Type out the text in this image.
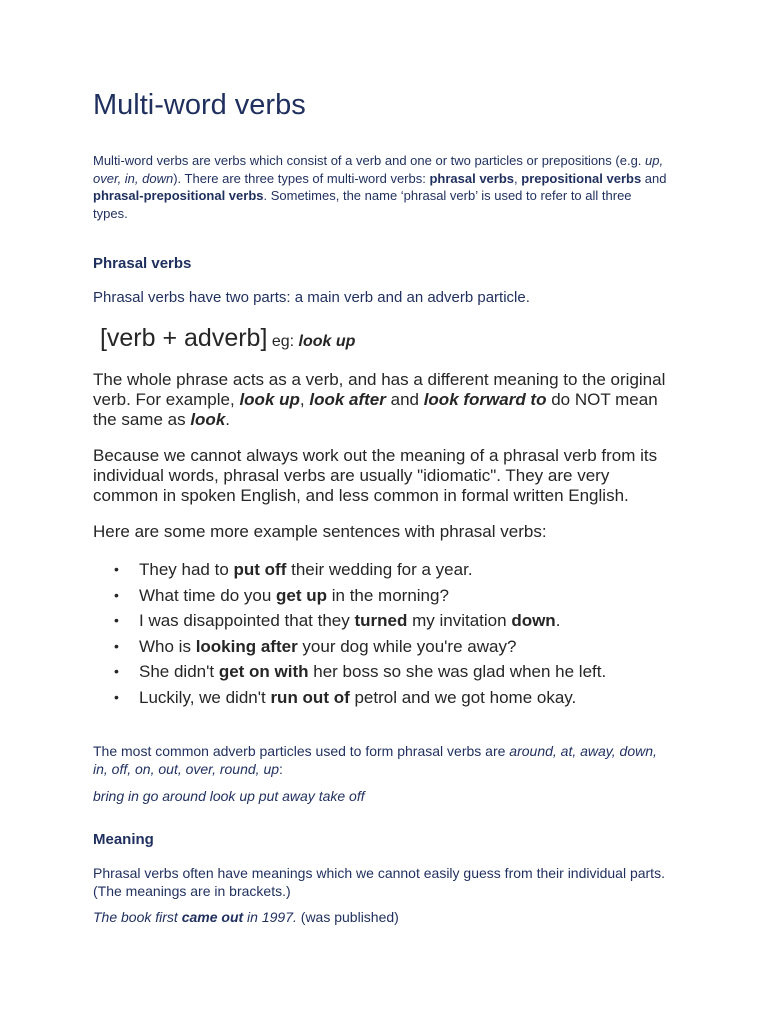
Multi-word verbs
Multi-word verbs are verbs which consist of a verb and one or two particles or prepositions (e.g. up, over, in, down). There are three types of multi-word verbs: phrasal verbs, prepositional verbs and phrasal-prepositional verbs. Sometimes, the name ‘phrasal verb’ is used to refer to all three types.
Phrasal verbs
Phrasal verbs have two parts: a main verb and an adverb particle.
[verb + adverb] eg: look up
The whole phrase acts as a verb, and has a different meaning to the original verb. For example, look up, look after and look forward to do NOT mean the same as look.
Because we cannot always work out the meaning of a phrasal verb from its individual words, phrasal verbs are usually "idiomatic". They are very common in spoken English, and less common in formal written English.
Here are some more example sentences with phrasal verbs:
• They had to put off their wedding for a year.
• What time do you get up in the morning?
• I was disappointed that they turned my invitation down.
• Who is looking after your dog while you're away?
• She didn't get on with her boss so she was glad when he left.
• Luckily, we didn't run out of petrol and we got home okay.
The most common adverb particles used to form phrasal verbs are around, at, away, down, in, off, on, out, over, round, up:
bring in go around look up put away take off
Meaning
Phrasal verbs often have meanings which we cannot easily guess from their individual parts. (The meanings are in brackets.)
The book first came out in 1997. (was published)
